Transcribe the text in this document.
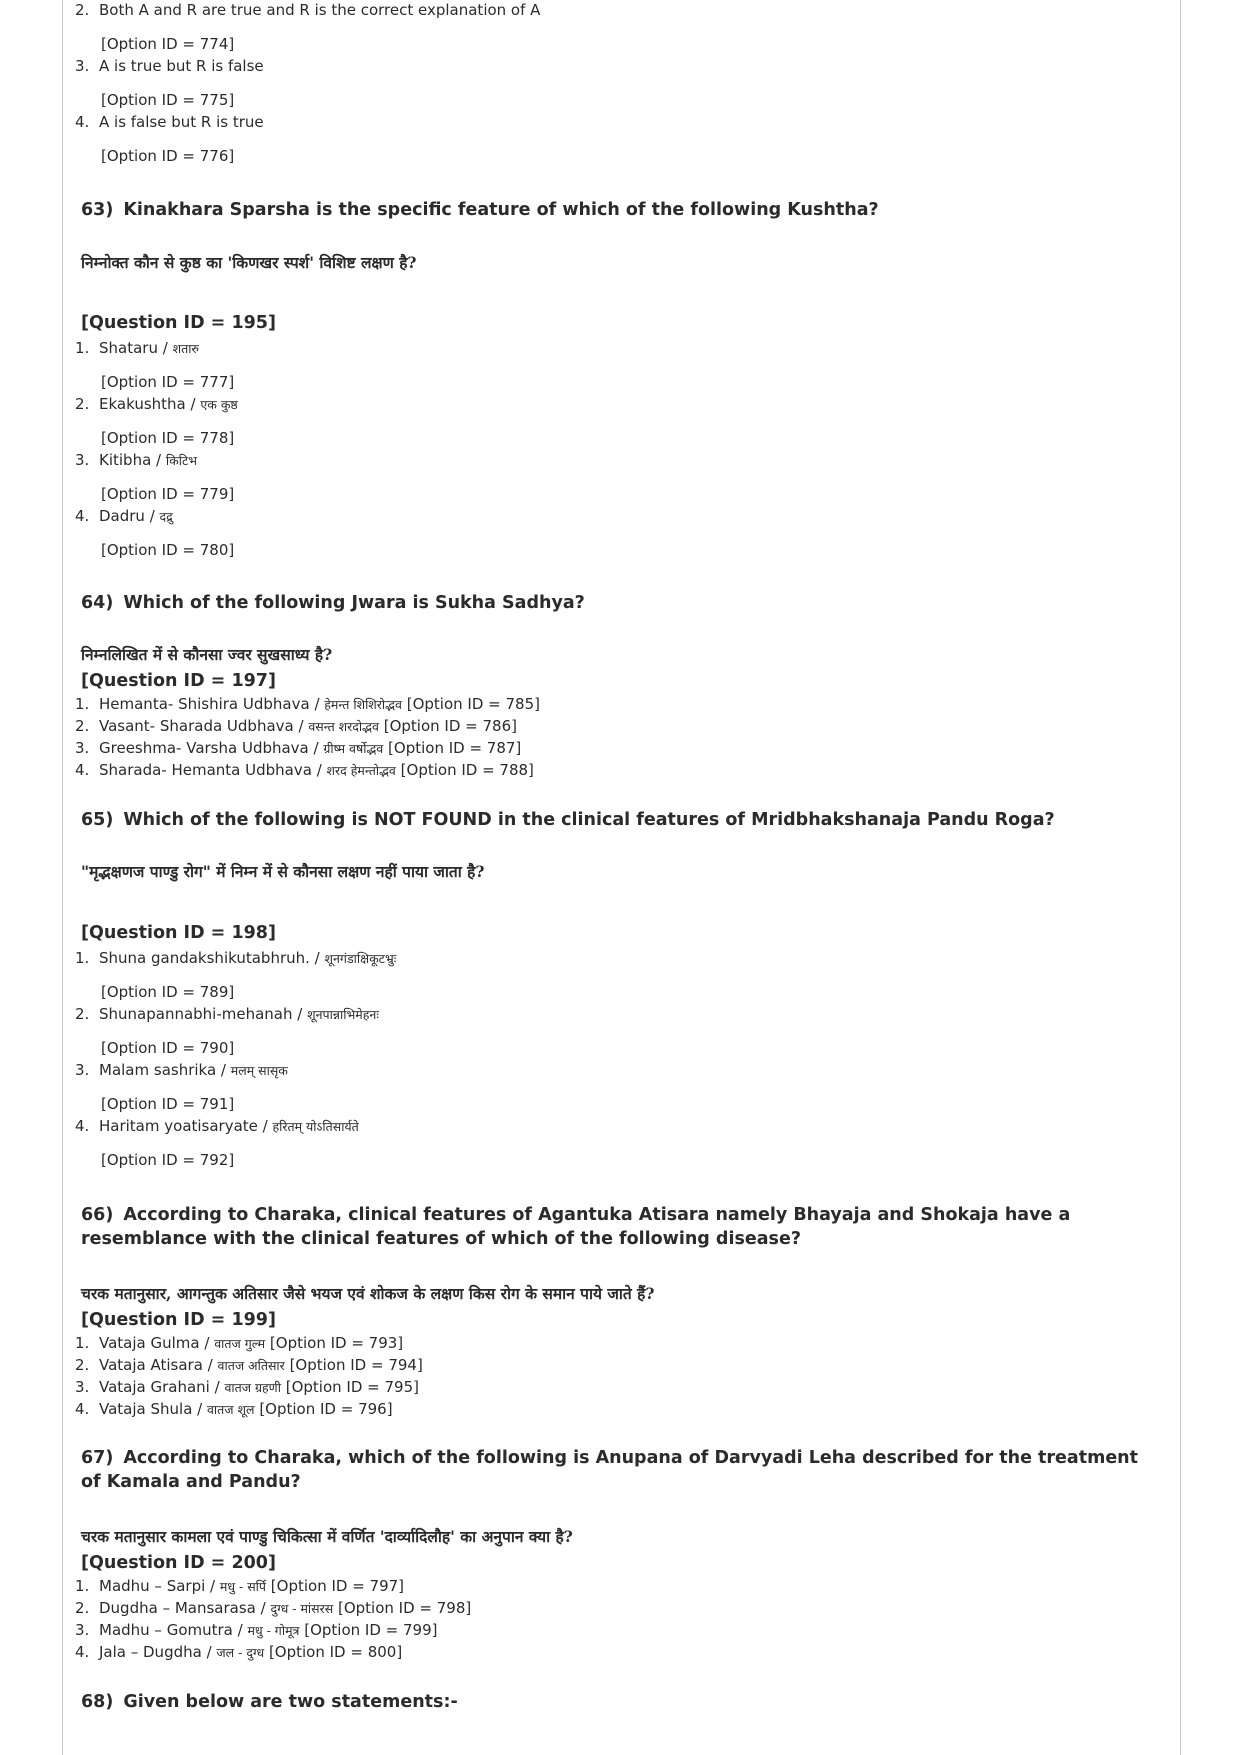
2. Both A and R are true and R is the correct explanation of A
[Option ID = 774]
3. A is true but R is false
[Option ID = 775]
4. A is false but R is true
[Option ID = 776]
63) Kinakhara Sparsha is the specific feature of which of the following Kushtha?
निम्नोक्त कौन से कुष्ठ का 'किणखर स्पर्श' विशिष्ट लक्षण है?
[Question ID = 195]
1. Shataru / शतारु
[Option ID = 777]
2. Ekakushtha / एक कुष्ठ
[Option ID = 778]
3. Kitibha / किटिभ
[Option ID = 779]
4. Dadru / दद्रु
[Option ID = 780]
64) Which of the following Jwara is Sukha Sadhya?
निम्नलिखित में से कौनसा ज्वर सुखसाध्य है?
[Question ID = 197]
1. Hemanta- Shishira Udbhava / हेमन्त शिशिरोद्भव [Option ID = 785]
2. Vasant- Sharada Udbhava / वसन्त शरदोद्भव [Option ID = 786]
3. Greeshma- Varsha Udbhava / ग्रीष्म वर्षोद्भव [Option ID = 787]
4. Sharada- Hemanta Udbhava / शरद हेमन्तोद्भव [Option ID = 788]
65) Which of the following is NOT FOUND in the clinical features of Mridbhakshanaja Pandu Roga?
"मृद्भक्षणज पाण्डु रोग" में निम्न में से कौनसा लक्षण नहीं पाया जाता है?
[Question ID = 198]
1. Shuna gandakshikutabhruh. / शूनगंडाक्षिकूटभ्रुः
[Option ID = 789]
2. Shunapannabhi-mehanah / शूनपान्नाभिमेहनः
[Option ID = 790]
3. Malam sashrika / मलम् सासृक
[Option ID = 791]
4. Haritam yoatisaryate / हरितम् योऽतिसार्यते
[Option ID = 792]
66) According to Charaka, clinical features of Agantuka Atisara namely Bhayaja and Shokaja have a resemblance with the clinical features of which of the following disease?
चरक मतानुसार, आगन्तुक अतिसार जैसे भयज एवं शोकज के लक्षण किस रोग के समान पाये जाते हैं?
[Question ID = 199]
1. Vataja Gulma / वातज गुल्म [Option ID = 793]
2. Vataja Atisara / वातज अतिसार [Option ID = 794]
3. Vataja Grahani / वातज ग्रहणी [Option ID = 795]
4. Vataja Shula / वातज शूल [Option ID = 796]
67) According to Charaka, which of the following is Anupana of Darvyadi Leha described for the treatment of Kamala and Pandu?
चरक मतानुसार कामला एवं पाण्डु चिकित्सा में वर्णित 'दार्व्यादिलौह' का अनुपान क्या है?
[Question ID = 200]
1. Madhu – Sarpi / मधु - सर्पि [Option ID = 797]
2. Dugdha – Mansarasa / दुग्ध - मांसरस [Option ID = 798]
3. Madhu – Gomutra / मधु - गोमूत्र [Option ID = 799]
4. Jala – Dugdha / जल - दुग्ध [Option ID = 800]
68) Given below are two statements:-
